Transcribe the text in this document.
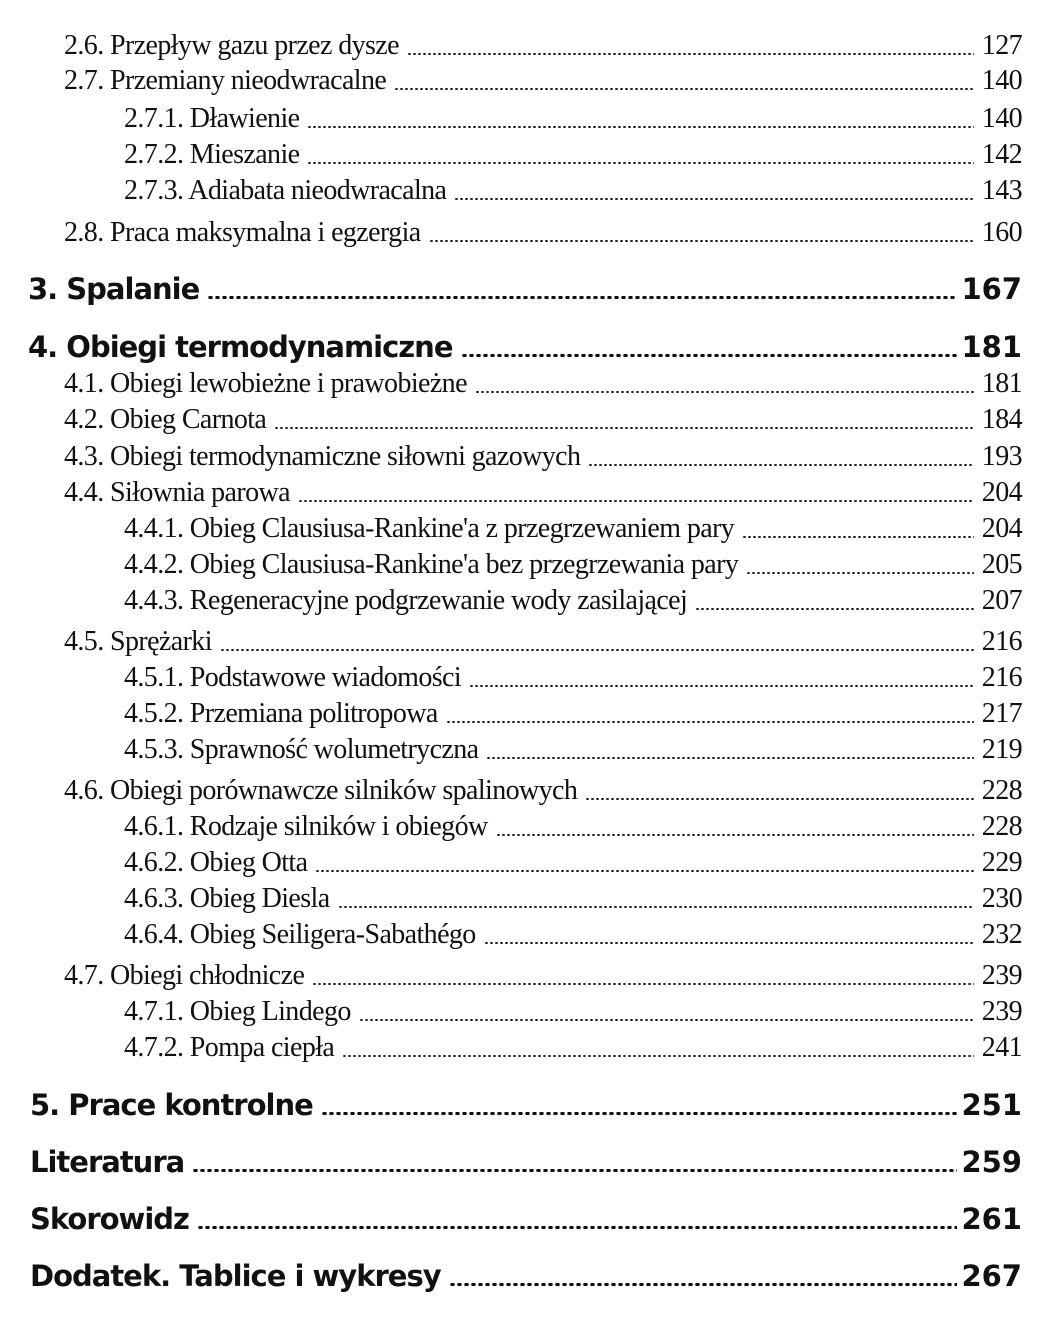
2.6. Przepływ gazu przez dysze	127
2.7. Przemiany nieodwracalne	140
2.7.1. Dławienie	140
2.7.2. Mieszanie	142
2.7.3. Adiabata nieodwracalna	143
2.8. Praca maksymalna i egzergia	160
3. Spalanie	167
4. Obiegi termodynamiczne	181
4.1. Obiegi lewobieżne i prawobieżne	181
4.2. Obieg Carnota	184
4.3. Obiegi termodynamiczne siłowni gazowych	193
4.4. Siłownia parowa	204
4.4.1. Obieg Clausiusa-Rankine'a z przegrzewaniem pary	204
4.4.2. Obieg Clausiusa-Rankine'a bez przegrzewania pary	205
4.4.3. Regeneracyjne podgrzewanie wody zasilającej	207
4.5. Sprężarki	216
4.5.1. Podstawowe wiadomości	216
4.5.2. Przemiana politropowa	217
4.5.3. Sprawność wolumetryczna	219
4.6. Obiegi porównawcze silników spalinowych	228
4.6.1. Rodzaje silników i obiegów	228
4.6.2. Obieg Otta	229
4.6.3. Obieg Diesla	230
4.6.4. Obieg Seiligera-Sabathégo	232
4.7. Obiegi chłodnicze	239
4.7.1. Obieg Lindego	239
4.7.2. Pompa ciepła	241
5. Prace kontrolne	251
Literatura	259
Skorowidz	261
Dodatek. Tablice i wykresy	267
